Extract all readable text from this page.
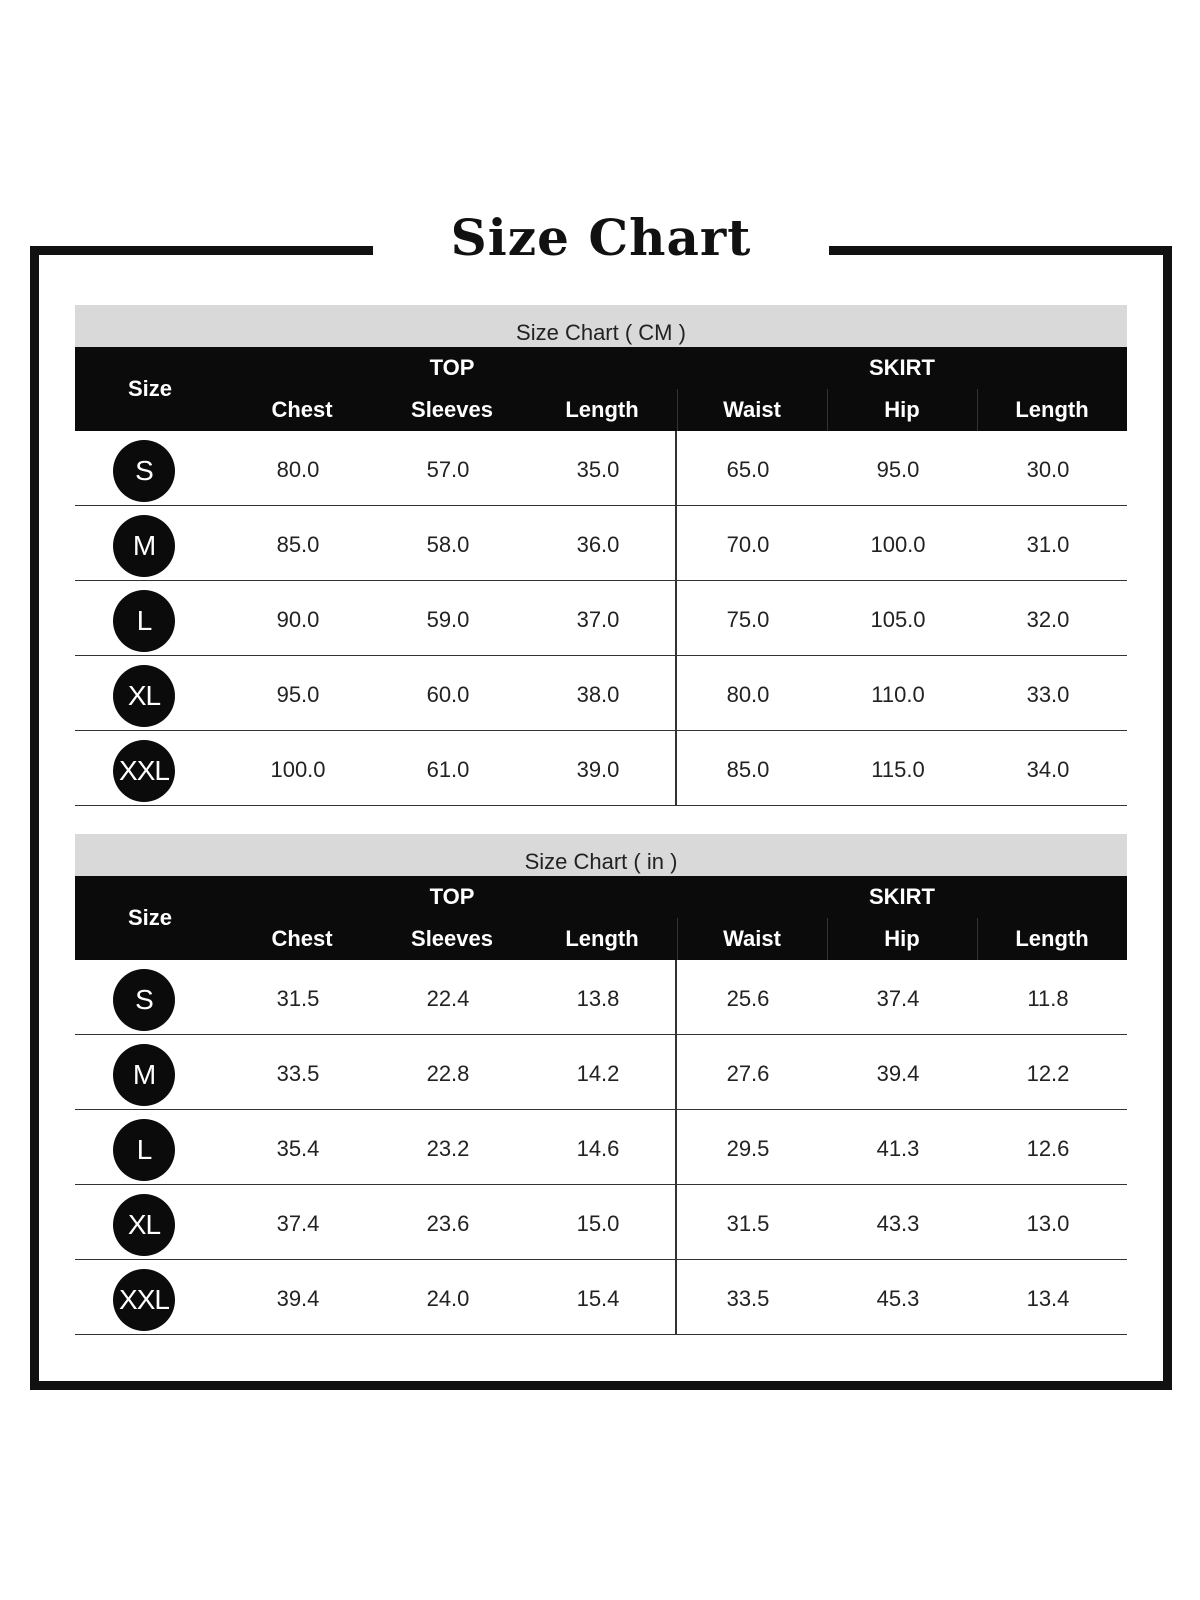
Size Chart
Size Chart ( CM )
Size
TOP	SKIRT
Chest	Sleeves	Length	Waist	Hip	Length
S	80.0	57.0	35.0	65.0	95.0	30.0
M	85.0	58.0	36.0	70.0	100.0	31.0
L	90.0	59.0	37.0	75.0	105.0	32.0
XL	95.0	60.0	38.0	80.0	110.0	33.0
XXL	100.0	61.0	39.0	85.0	115.0	34.0
Size Chart ( in )
Size
TOP	SKIRT
Chest	Sleeves	Length	Waist	Hip	Length
S	31.5	22.4	13.8	25.6	37.4	11.8
M	33.5	22.8	14.2	27.6	39.4	12.2
L	35.4	23.2	14.6	29.5	41.3	12.6
XL	37.4	23.6	15.0	31.5	43.3	13.0
XXL	39.4	24.0	15.4	33.5	45.3	13.4
